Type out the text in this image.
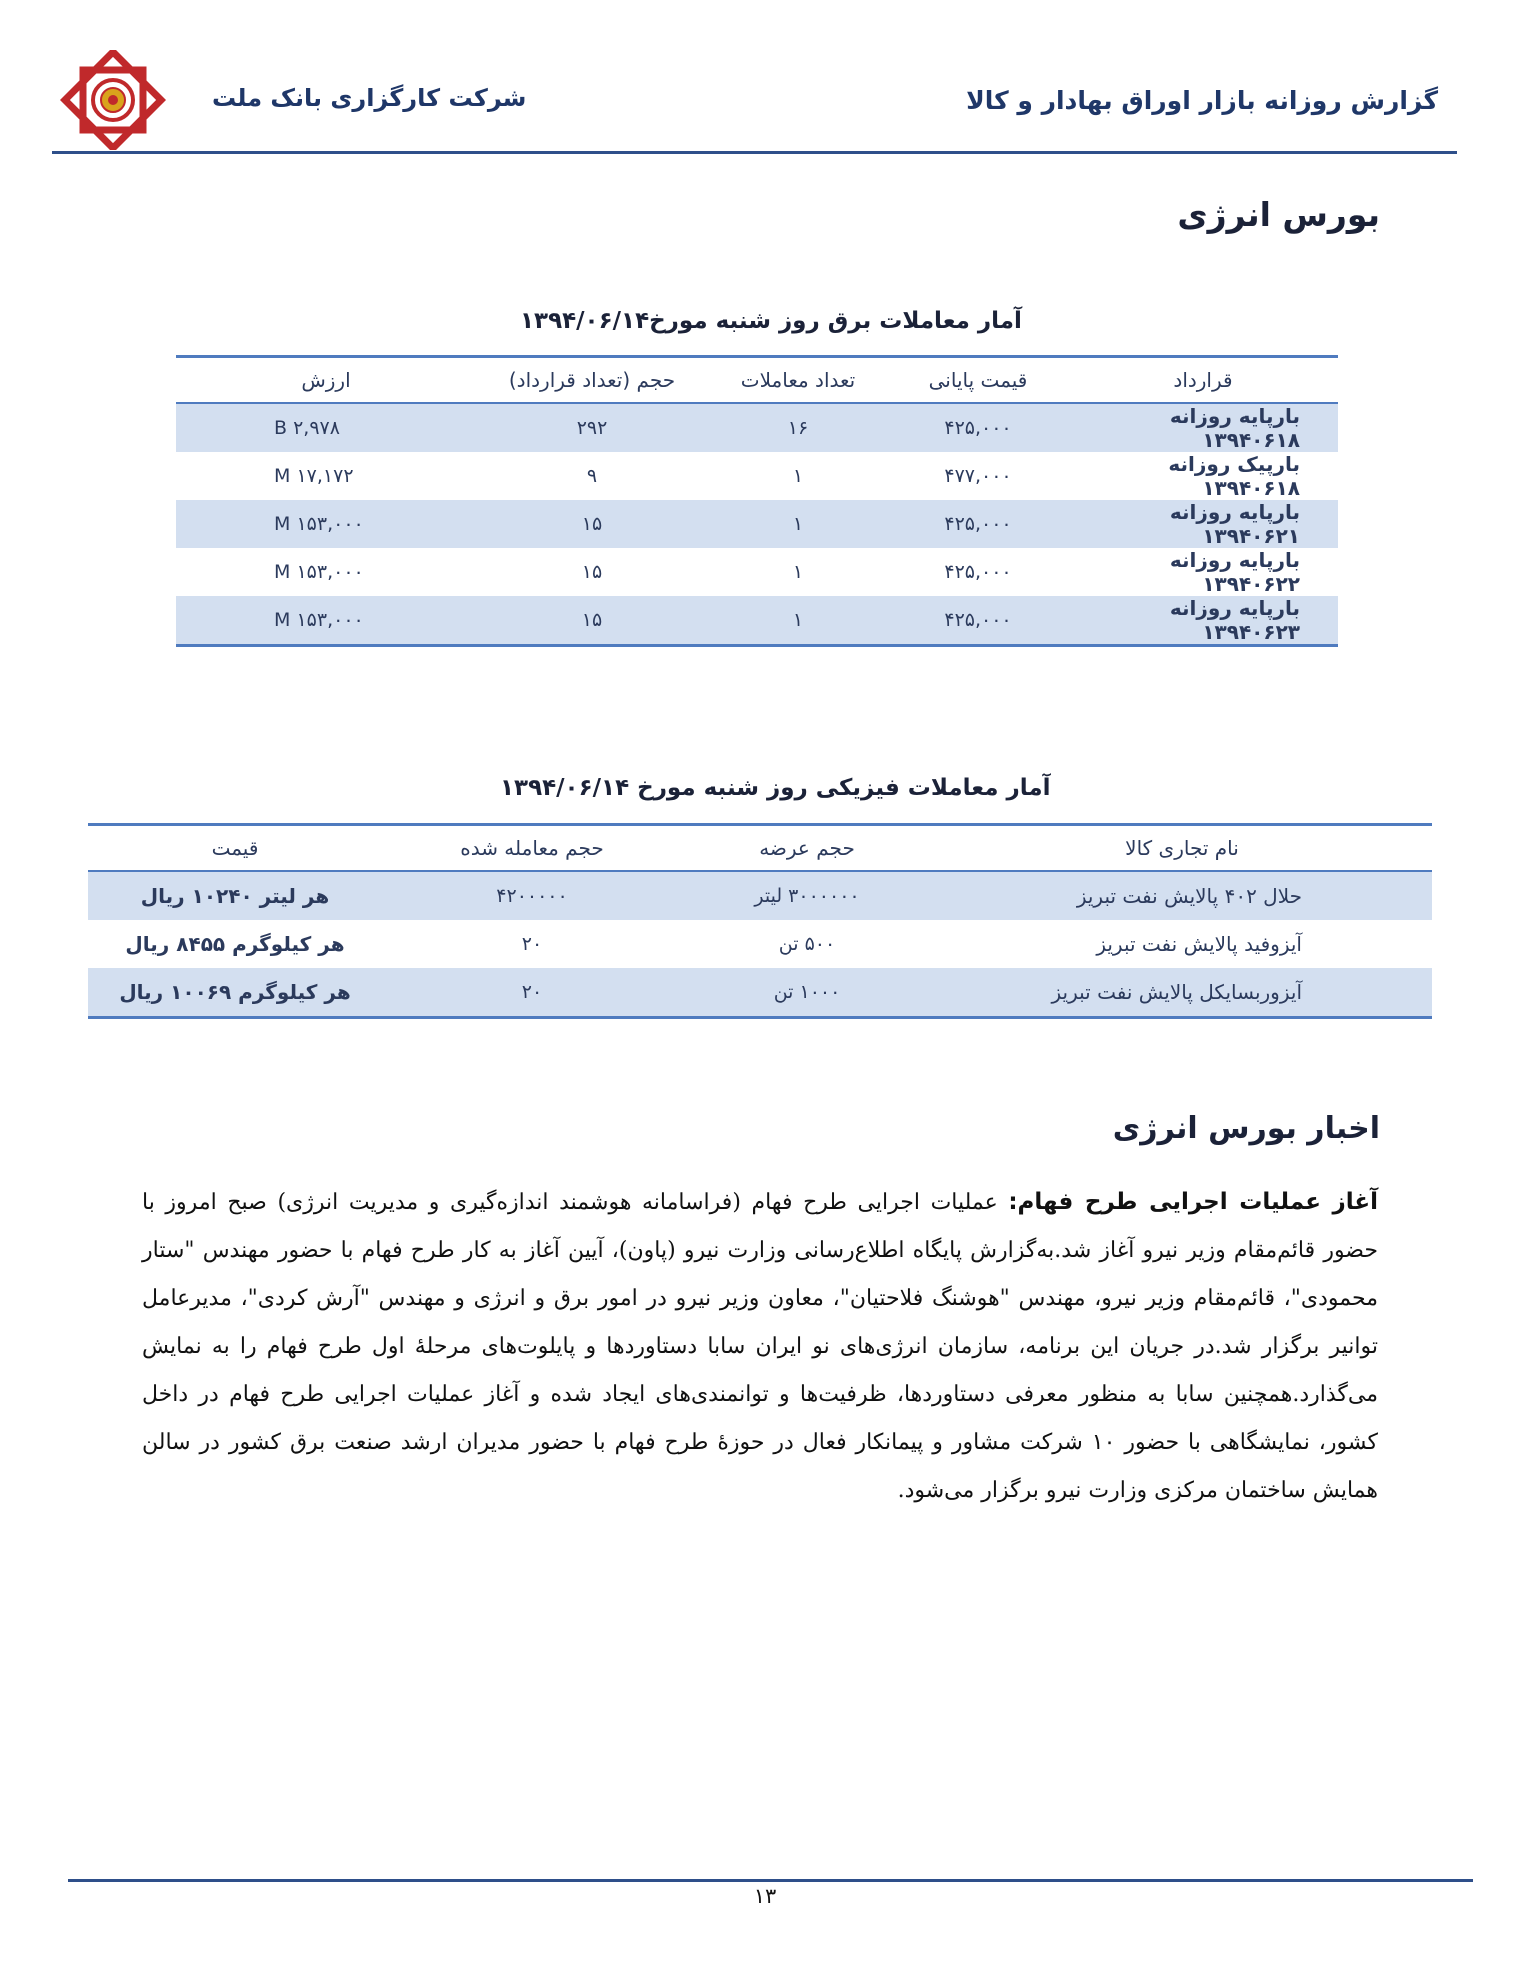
شرکت کارگزاری بانک ملت	گزارش روزانه بازار اوراق بهادار و کالا
بورس انرژی
آمار معاملات برق روز شنبه مورخ۱۳۹۴/۰۶/۱۴
قرارداد	قیمت پایانی	تعداد معاملات	حجم (تعداد قرارداد)	ارزش
بارپایه روزانه ۱۳۹۴۰۶۱۸	۴۲۵,۰۰۰	۱۶	۲۹۲	۲,۹۷۸ B
بارپیک روزانه ۱۳۹۴۰۶۱۸	۴۷۷,۰۰۰	۱	۹	۱۷,۱۷۲ M
بارپایه روزانه ۱۳۹۴۰۶۲۱	۴۲۵,۰۰۰	۱	۱۵	۱۵۳,۰۰۰ M
بارپایه روزانه ۱۳۹۴۰۶۲۲	۴۲۵,۰۰۰	۱	۱۵	۱۵۳,۰۰۰ M
بارپایه روزانه ۱۳۹۴۰۶۲۳	۴۲۵,۰۰۰	۱	۱۵	۱۵۳,۰۰۰ M
آمار معاملات فیزیکی روز شنبه مورخ ۱۳۹۴/۰۶/۱۴
نام تجاری کالا	حجم عرضه	حجم معامله شده	قیمت
حلال ۴۰۲ پالایش نفت تبریز	۳۰۰۰۰۰۰ لیتر	۴۲۰۰۰۰۰	هر لیتر ۱۰۲۴۰ ریال
آیزوفید پالایش نفت تبریز	۵۰۰ تن	۲۰	هر کیلوگرم ۸۴۵۵ ریال
آیزوربسایکل پالایش نفت تبریز	۱۰۰۰ تن	۲۰	هر کیلوگرم ۱۰۰۶۹ ریال
اخبار بورس انرژی
آغاز عملیات اجرایی طرح فهام: عملیات اجرایی طرح فهام (فراسامانه هوشمند اندازه‌گیری و مدیریت انرژی) صبح امروز با حضور قائم‌مقام وزیر نیرو آغاز شد.به‌گزارش پایگاه اطلاع‌رسانی وزارت نیرو (پاون)، آیین آغاز به کار طرح فهام با حضور مهندس "ستار محمودی"، قائم‌مقام وزیر نیرو، مهندس "هوشنگ فلاحتیان"، معاون وزیر نیرو در امور برق و انرژی و مهندس "آرش کردی"، مدیرعامل توانیر برگزار شد.در جریان این برنامه، سازمان انرژی‌های نو ایران سابا دستاوردها و پایلوت‌های مرحلۀ اول طرح فهام را به نمایش می‌گذارد.همچنین سابا به منظور معرفی دستاوردها، ظرفیت‌ها و توانمندی‌های ایجاد شده و آغاز عملیات اجرایی طرح فهام در داخل کشور، نمایشگاهی با حضور ۱۰ شرکت مشاور و پیمانکار فعال در حوزۀ طرح فهام با حضور مدیران ارشد صنعت برق کشور در سالن همایش ساختمان مرکزی وزارت نیرو برگزار می‌شود.
۱۳
